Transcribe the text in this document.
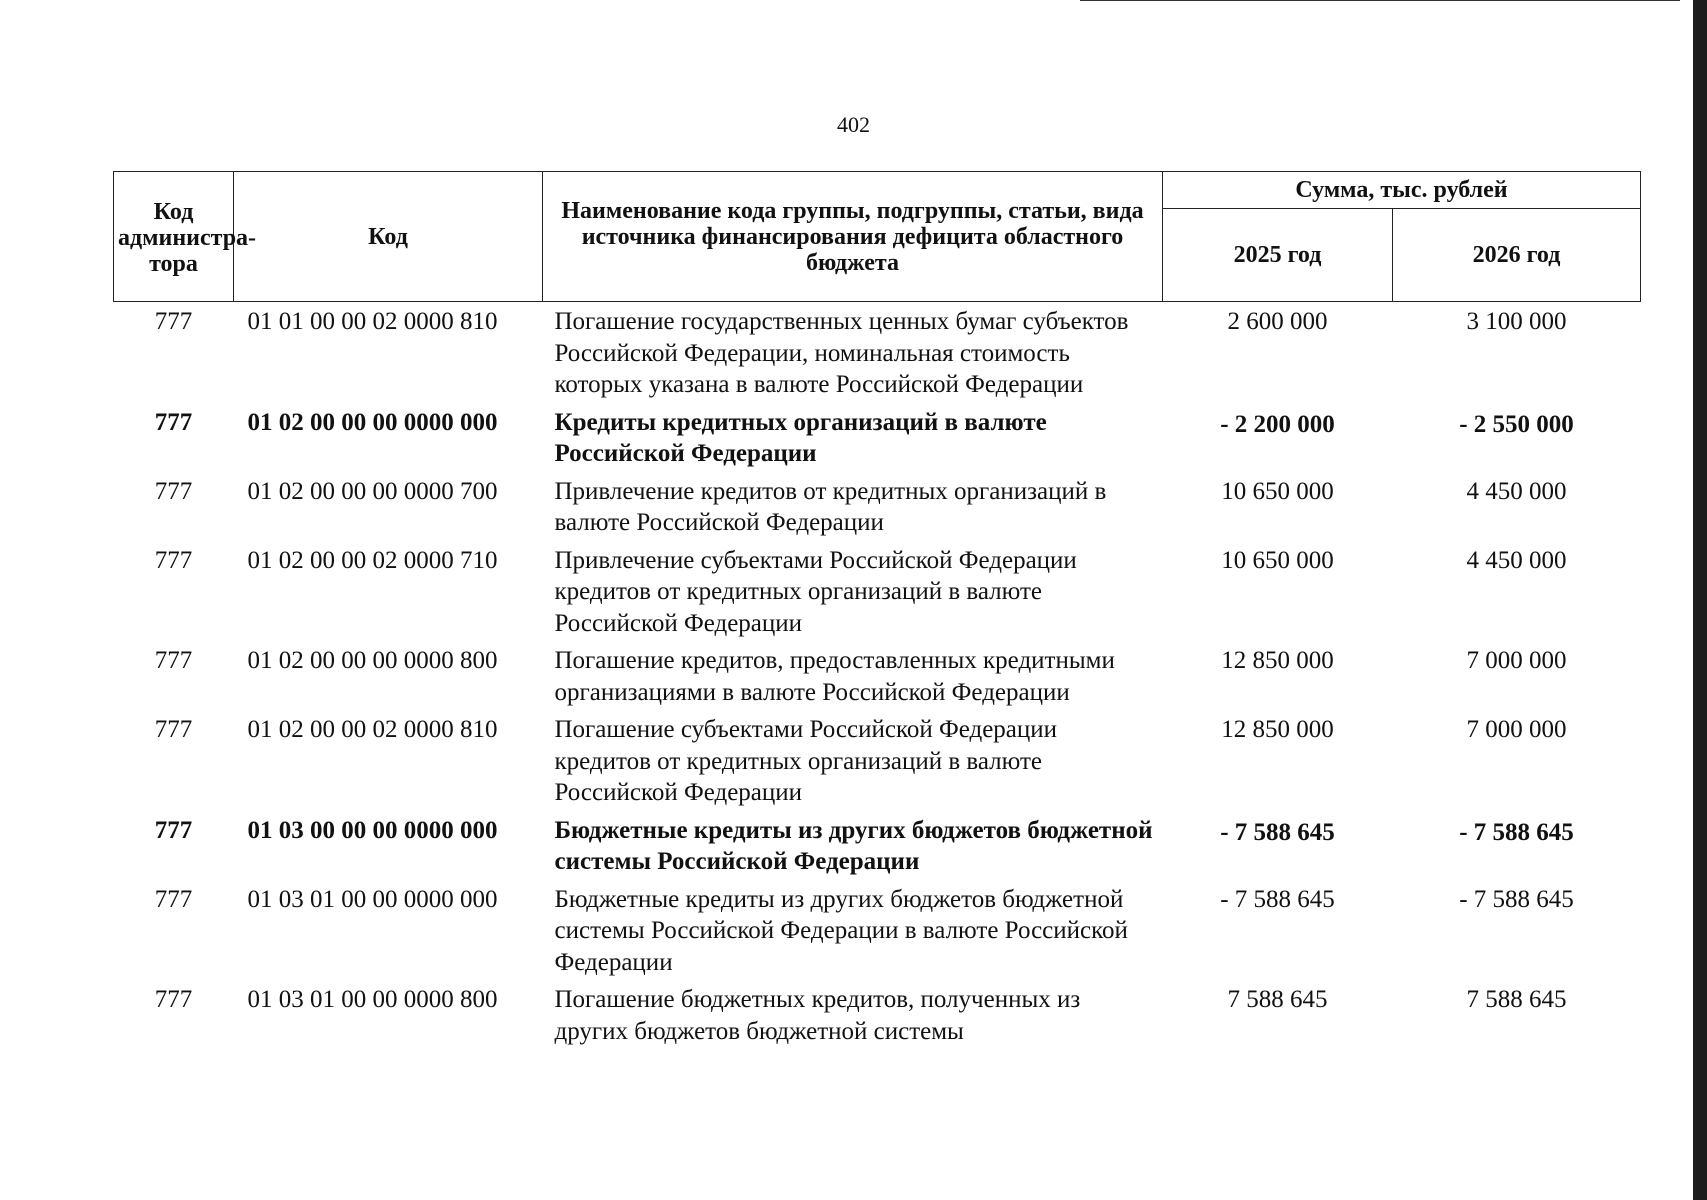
402
Код администра-тора	Код	Наименование кода группы, подгруппы, статьи, вида источника финансирования дефицита областного бюджета	Сумма, тыс. рублей	
			2025 год	2026 год
777	01 01 00 00 02 0000 810	Погашение государственных ценных бумаг субъектов Российской Федерации, номинальная стоимость которых указана в валюте Российской Федерации	2 600 000	3 100 000
777	01 02 00 00 00 0000 000	Кредиты кредитных организаций в валюте Российской Федерации	- 2 200 000	- 2 550 000
777	01 02 00 00 00 0000 700	Привлечение кредитов от кредитных организаций в валюте Российской Федерации	10 650 000	4 450 000
777	01 02 00 00 02 0000 710	Привлечение субъектами Российской Федерации кредитов от кредитных организаций в валюте Российской Федерации	10 650 000	4 450 000
777	01 02 00 00 00 0000 800	Погашение кредитов, предоставленных кредитными организациями в валюте Российской Федерации	12 850 000	7 000 000
777	01 02 00 00 02 0000 810	Погашение субъектами Российской Федерации кредитов от кредитных организаций в валюте Российской Федерации	12 850 000	7 000 000
777	01 03 00 00 00 0000 000	Бюджетные кредиты из других бюджетов бюджетной системы Российской Федерации	- 7 588 645	- 7 588 645
777	01 03 01 00 00 0000 000	Бюджетные кредиты из других бюджетов бюджетной системы Российской Федерации в валюте Российской Федерации	- 7 588 645	- 7 588 645
777	01 03 01 00 00 0000 800	Погашение бюджетных кредитов, полученных из других бюджетов бюджетной системы	7 588 645	7 588 645
